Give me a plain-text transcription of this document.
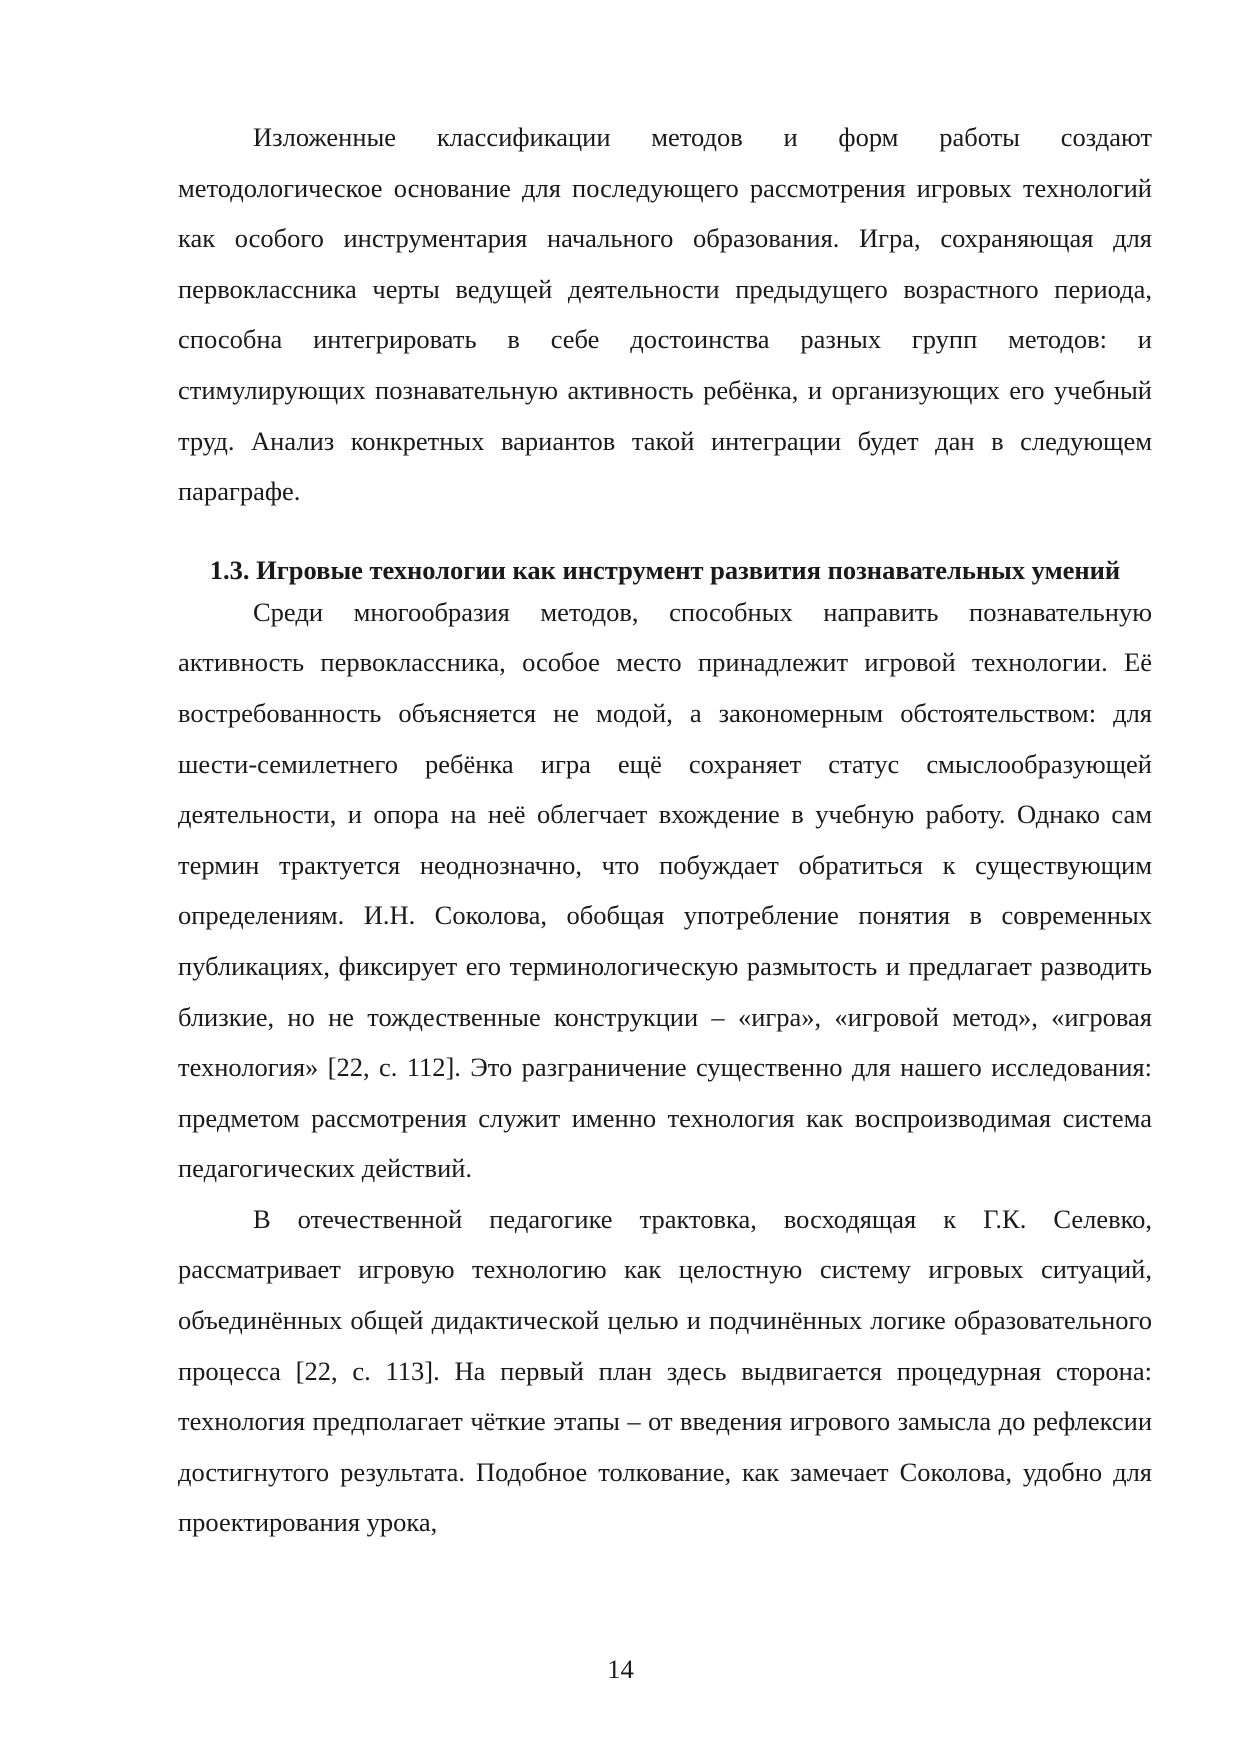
Изложенные классификации методов и форм работы создают методологическое основание для последующего рассмотрения игровых технологий как особого инструментария начального образования. Игра, сохраняющая для первоклассника черты ведущей деятельности предыдущего возрастного периода, способна интегрировать в себе достоинства разных групп методов: и стимулирующих познавательную активность ребёнка, и организующих его учебный труд. Анализ конкретных вариантов такой интеграции будет дан в следующем параграфе.

1.3. Игровые технологии как инструмент развития познавательных умений

Среди многообразия методов, способных направить познавательную активность первоклассника, особое место принадлежит игровой технологии. Её востребованность объясняется не модой, а закономерным обстоятельством: для шести-семилетнего ребёнка игра ещё сохраняет статус смыслообразующей деятельности, и опора на неё облегчает вхождение в учебную работу. Однако сам термин трактуется неоднозначно, что побуждает обратиться к существующим определениям. И.Н. Соколова, обобщая употребление понятия в современных публикациях, фиксирует его терминологическую размытость и предлагает разводить близкие, но не тождественные конструкции – «игра», «игровой метод», «игровая технология» [22, с. 112]. Это разграничение существенно для нашего исследования: предметом рассмотрения служит именно технология как воспроизводимая система педагогических действий.

В отечественной педагогике трактовка, восходящая к Г.К. Селевко, рассматривает игровую технологию как целостную систему игровых ситуаций, объединённых общей дидактической целью и подчинённых логике образовательного процесса [22, с. 113]. На первый план здесь выдвигается процедурная сторона: технология предполагает чёткие этапы – от введения игрового замысла до рефлексии достигнутого результата. Подобное толкование, как замечает Соколова, удобно для проектирования урока,

14
